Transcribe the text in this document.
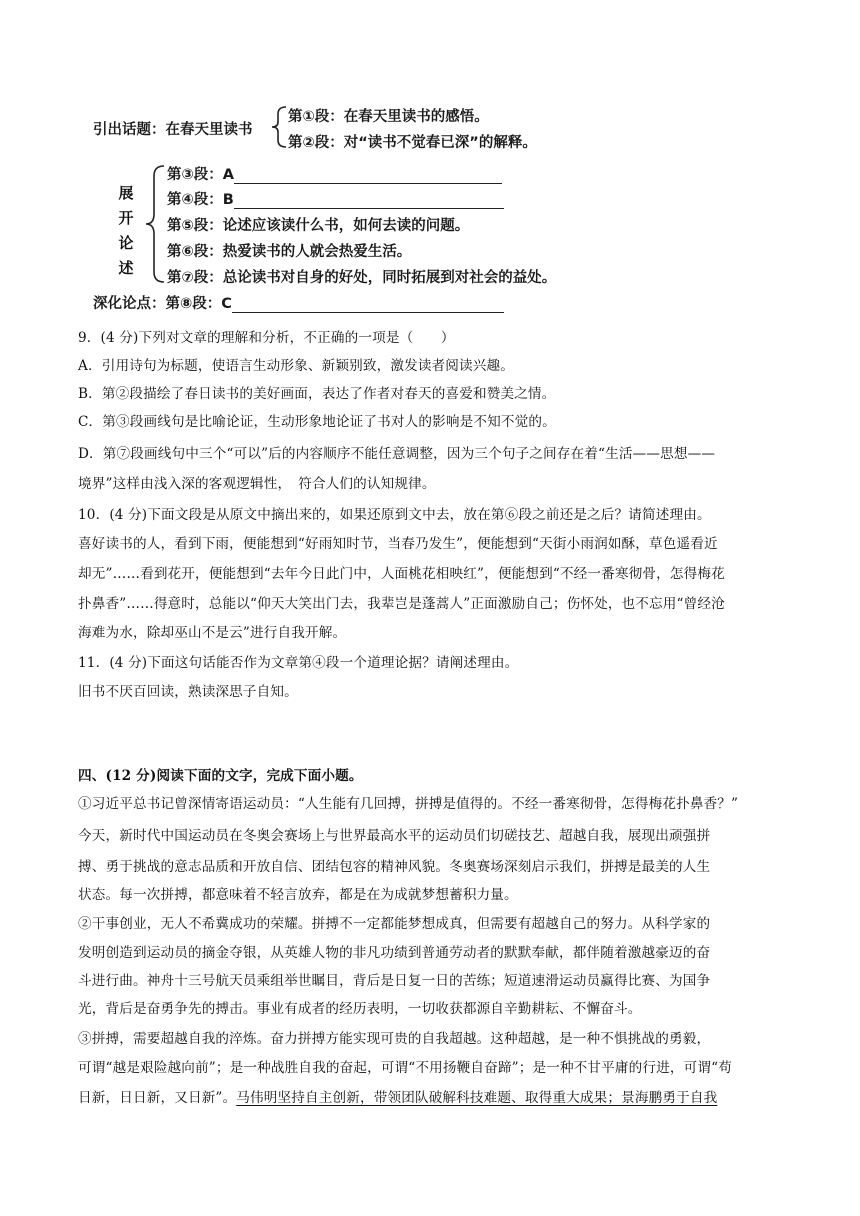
引出话题：在春天里读书
第①段：在春天里读书的感悟。
第②段：对“读书不觉春已深”的解释。
展
开
论
述
第③段：A
第④段：B
第⑤段：论述应该读什么书，如何去读的问题。
第⑥段：热爱读书的人就会热爱生活。
第⑦段：总论读书对自身的好处，同时拓展到对社会的益处。
深化论点：第⑧段：C
9．(4 分)下列对文章的理解和分析，不正确的一项是（　　）
A．引用诗句为标题，使语言生动形象、新颖别致，激发读者阅读兴趣。
B．第②段描绘了春日读书的美好画面，表达了作者对春天的喜爱和赞美之情。
C．第③段画线句是比喻论证，生动形象地论证了书对人的影响是不知不觉的。
D．第⑦段画线句中三个“可以”后的内容顺序不能任意调整，因为三个句子之间存在着“生活——思想——
境界”这样由浅入深的客观逻辑性，　符合人们的认知规律。
10．(4 分)下面文段是从原文中摘出来的，如果还原到文中去，放在第⑥段之前还是之后？请简述理由。
喜好读书的人，看到下雨，便能想到“好雨知时节，当春乃发生”，便能想到“天街小雨润如酥，草色遥看近
却无”……看到花开，便能想到“去年今日此门中，人面桃花相映红”，便能想到“不经一番寒彻骨，怎得梅花
扑鼻香”……得意时，总能以“仰天大笑出门去，我辈岂是蓬蒿人”正面激励自己；伤怀处，也不忘用“曾经沧
海难为水，除却巫山不是云”进行自我开解。
11．(4 分)下面这句话能否作为文章第④段一个道理论据？请阐述理由。
旧书不厌百回读，熟读深思子自知。
四、(12 分)阅读下面的文字，完成下面小题。
①习近平总书记曾深情寄语运动员：“人生能有几回搏，拼搏是值得的。不经一番寒彻骨，怎得梅花扑鼻香？”
今天，新时代中国运动员在冬奥会赛场上与世界最高水平的运动员们切磋技艺、超越自我，展现出顽强拼
搏、勇于挑战的意志品质和开放自信、团结包容的精神风貌。冬奥赛场深刻启示我们，拼搏是最美的人生
状态。每一次拼搏，都意味着不轻言放弃，都是在为成就梦想蓄积力量。
②干事创业，无人不希冀成功的荣耀。拼搏不一定都能梦想成真，但需要有超越自己的努力。从科学家的
发明创造到运动员的摘金夺银，从英雄人物的非凡功绩到普通劳动者的默默奉献，都伴随着激越豪迈的奋
斗进行曲。神舟十三号航天员乘组举世瞩目，背后是日复一日的苦练；短道速滑运动员赢得比赛、为国争
光，背后是奋勇争先的搏击。事业有成者的经历表明，一切收获都源自辛勤耕耘、不懈奋斗。
③拼搏，需要超越自我的淬炼。奋力拼搏方能实现可贵的自我超越。这种超越，是一种不惧挑战的勇毅，
可谓“越是艰险越向前”；是一种战胜自我的奋起，可谓“不用扬鞭自奋蹄”；是一种不甘平庸的行进，可谓“苟
日新，日日新，又日新”。马伟明坚持自主创新，带领团队破解科技难题、取得重大成果；景海鹏勇于自我
